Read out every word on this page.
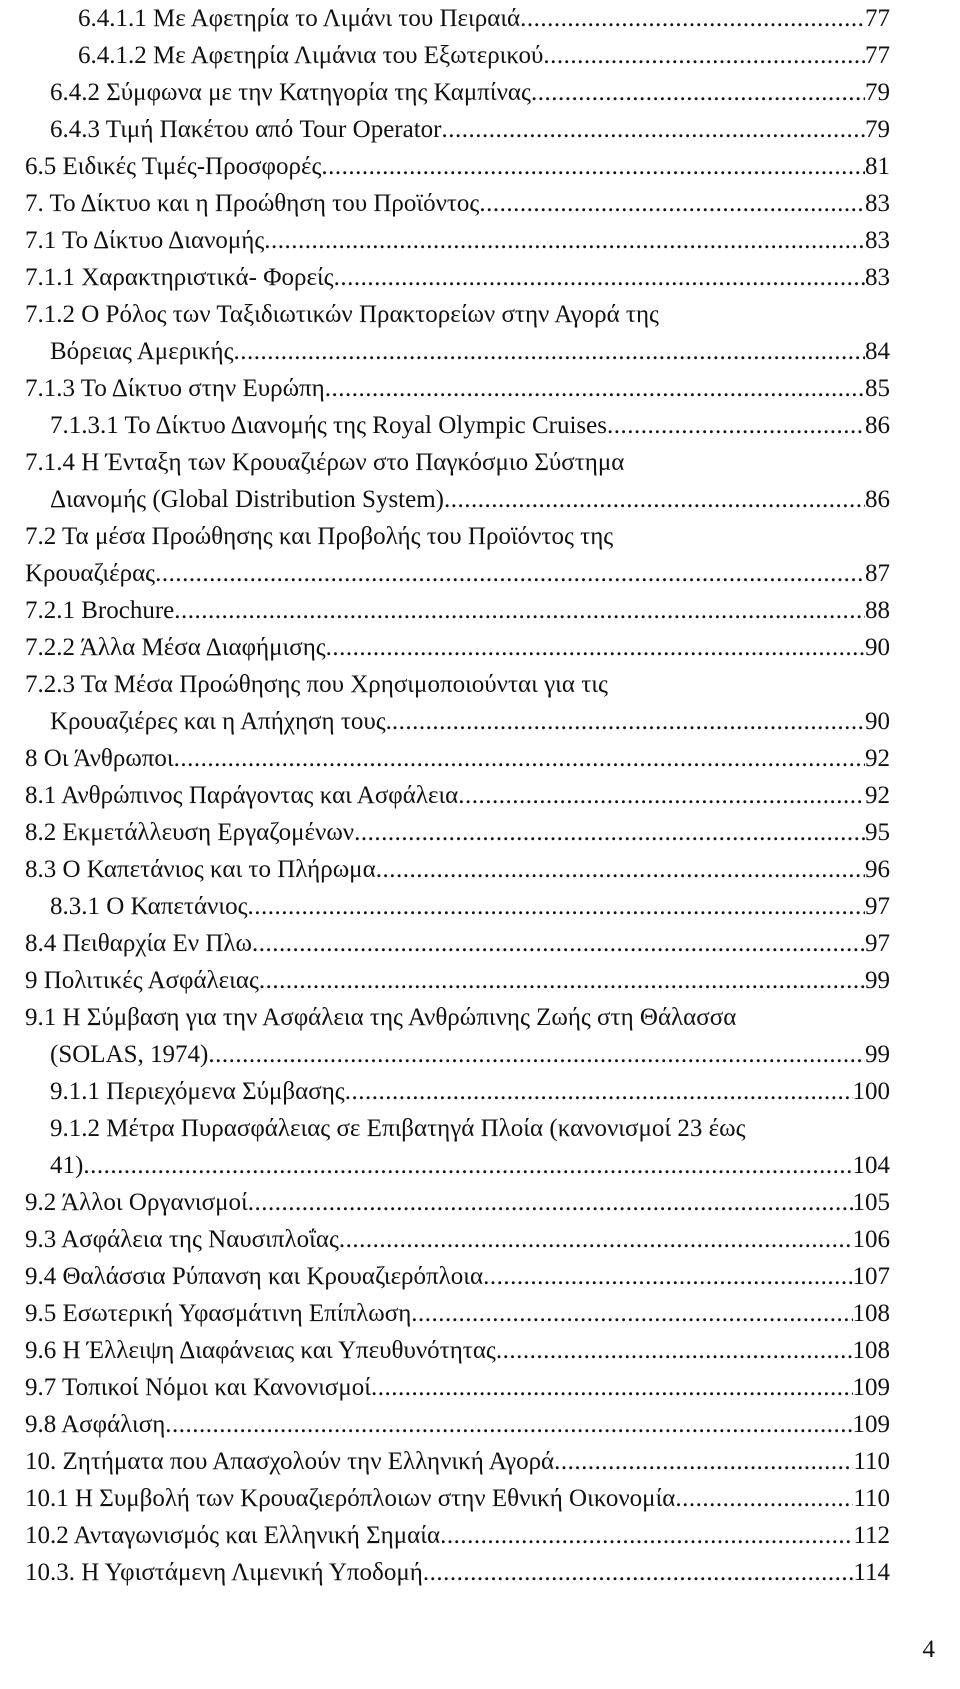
6.4.1.1 Με Αφετηρία το Λιμάνι του Πειραιά .....	77
6.4.1.2 Με Αφετηρία Λιμάνια του Εξωτερικού .....	77
6.4.2 Σύμφωνα με την Κατηγορία της Καμπίνας .....	79
6.4.3 Τιμή Πακέτου από Tour Operator .....	79
6.5 Ειδικές Τιμές-Προσφορές .....	81
7. Το Δίκτυο και η Προώθηση του Προϊόντος .....	83
7.1 Το Δίκτυο Διανομής .....	83
7.1.1 Χαρακτηριστικά- Φορείς .....	83
7.1.2 Ο Ρόλος των Ταξιδιωτικών Πρακτορείων στην Αγορά της
Βόρειας Αμερικής .....	84
7.1.3 Το Δίκτυο στην Ευρώπη .....	85
7.1.3.1 Το Δίκτυο Διανομής της Royal Olympic Cruises .....	86
7.1.4 Η Ένταξη των Κρουαζιέρων στο Παγκόσμιο Σύστημα
Διανομής (Global Distribution System) .....	86
7.2 Τα μέσα Προώθησης και Προβολής του Προϊόντος της
Κρουαζιέρας .....	87
7.2.1 Brochure .....	88
7.2.2 Άλλα Μέσα Διαφήμισης .....	90
7.2.3 Τα Μέσα Προώθησης που Χρησιμοποιούνται για τις
Κρουαζιέρες και η Απήχηση τους. .....	90
8 Οι Άνθρωποι .....	92
8.1 Ανθρώπινος Παράγοντας και Ασφάλεια .....	92
8.2 Εκμετάλλευση Εργαζομένων .....	95
8.3 Ο Καπετάνιος και το Πλήρωμα .....	96
8.3.1 Ο Καπετάνιος .....	97
8.4 Πειθαρχία Εν Πλω .....	97
9 Πολιτικές Ασφάλειας .....	99
9.1 Η Σύμβαση για την Ασφάλεια της Ανθρώπινης Ζωής στη Θάλασσα
(SOLAS, 1974) .....	99
9.1.1 Περιεχόμενα Σύμβασης .....	100
9.1.2 Μέτρα Πυρασφάλειας σε Επιβατηγά Πλοία (κανονισμοί 23 έως
41) .....	104
9.2 Άλλοι Οργανισμοί .....	105
9.3 Ασφάλεια της Ναυσιπλοΐας .....	106
9.4 Θαλάσσια Ρύπανση και Κρουαζιερόπλοια .....	107
9.5 Εσωτερική Υφασμάτινη Επίπλωση .....	108
9.6 Η Έλλειψη Διαφάνειας και Υπευθυνότητας .....	108
9.7 Τοπικοί Νόμοι και Κανονισμοί .....	109
9.8 Ασφάλιση .....	109
10. Ζητήματα που Απασχολούν την Ελληνική Αγορά .....	110
10.1 Η Συμβολή των Κρουαζιερόπλοιων στην Εθνική Οικονομία .....	110
10.2 Ανταγωνισμός και Ελληνική Σημαία .....	112
10.3. Η Υφιστάμενη Λιμενική Υποδομή .....	114
4
